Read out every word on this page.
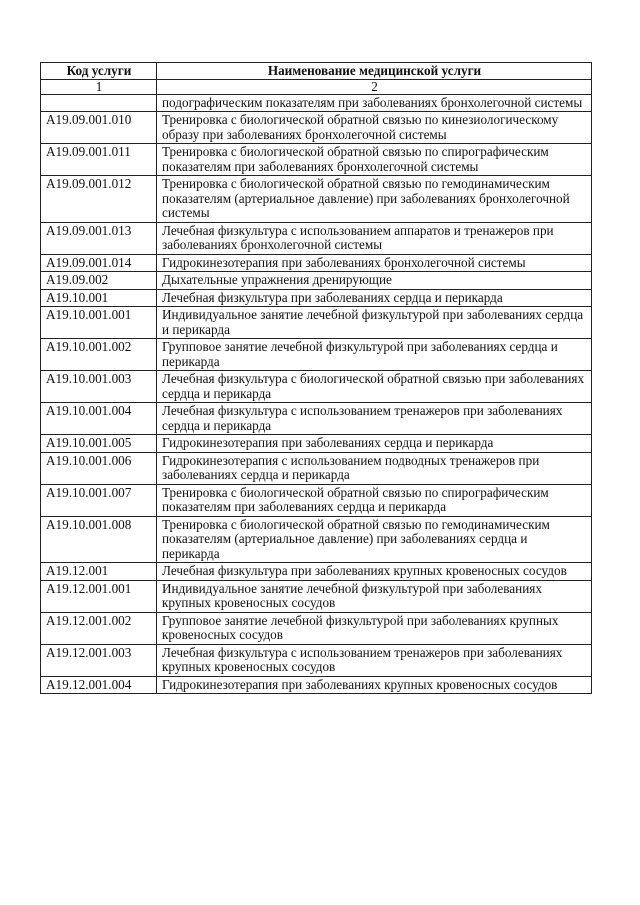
Код услуги	Наименование медицинской услуги
1	2
	подографическим показателям при заболеваниях бронхолегочной системы
A19.09.001.010	Тренировка с биологической обратной связью по кинезиологическому образу при заболеваниях бронхолегочной системы
A19.09.001.011	Тренировка с биологической обратной связью по спирографическим показателям при заболеваниях бронхолегочной системы
A19.09.001.012	Тренировка с биологической обратной связью по гемодинамическим показателям (артериальное давление) при заболеваниях бронхолегочной системы
A19.09.001.013	Лечебная физкультура с использованием аппаратов и тренажеров при заболеваниях бронхолегочной системы
A19.09.001.014	Гидрокинезотерапия при заболеваниях бронхолегочной системы
A19.09.002	Дыхательные упражнения дренирующие
A19.10.001	Лечебная физкультура при заболеваниях сердца и перикарда
A19.10.001.001	Индивидуальное занятие лечебной физкультурой при заболеваниях сердца и перикарда
A19.10.001.002	Групповое занятие лечебной физкультурой при заболеваниях сердца и перикарда
A19.10.001.003	Лечебная физкультура с биологической обратной связью при заболеваниях сердца и перикарда
A19.10.001.004	Лечебная физкультура с использованием тренажеров при заболеваниях сердца и перикарда
A19.10.001.005	Гидрокинезотерапия при заболеваниях сердца и перикарда
A19.10.001.006	Гидрокинезотерапия с использованием подводных тренажеров при заболеваниях сердца и перикарда
A19.10.001.007	Тренировка с биологической обратной связью по спирографическим показателям при заболеваниях сердца и перикарда
A19.10.001.008	Тренировка с биологической обратной связью по гемодинамическим показателям (артериальное давление) при заболеваниях сердца и перикарда
A19.12.001	Лечебная физкультура при заболеваниях крупных кровеносных сосудов
A19.12.001.001	Индивидуальное занятие лечебной физкультурой при заболеваниях крупных кровеносных сосудов
A19.12.001.002	Групповое занятие лечебной физкультурой при заболеваниях крупных кровеносных сосудов
A19.12.001.003	Лечебная физкультура с использованием тренажеров при заболеваниях крупных кровеносных сосудов
A19.12.001.004	Гидрокинезотерапия при заболеваниях крупных кровеносных сосудов
